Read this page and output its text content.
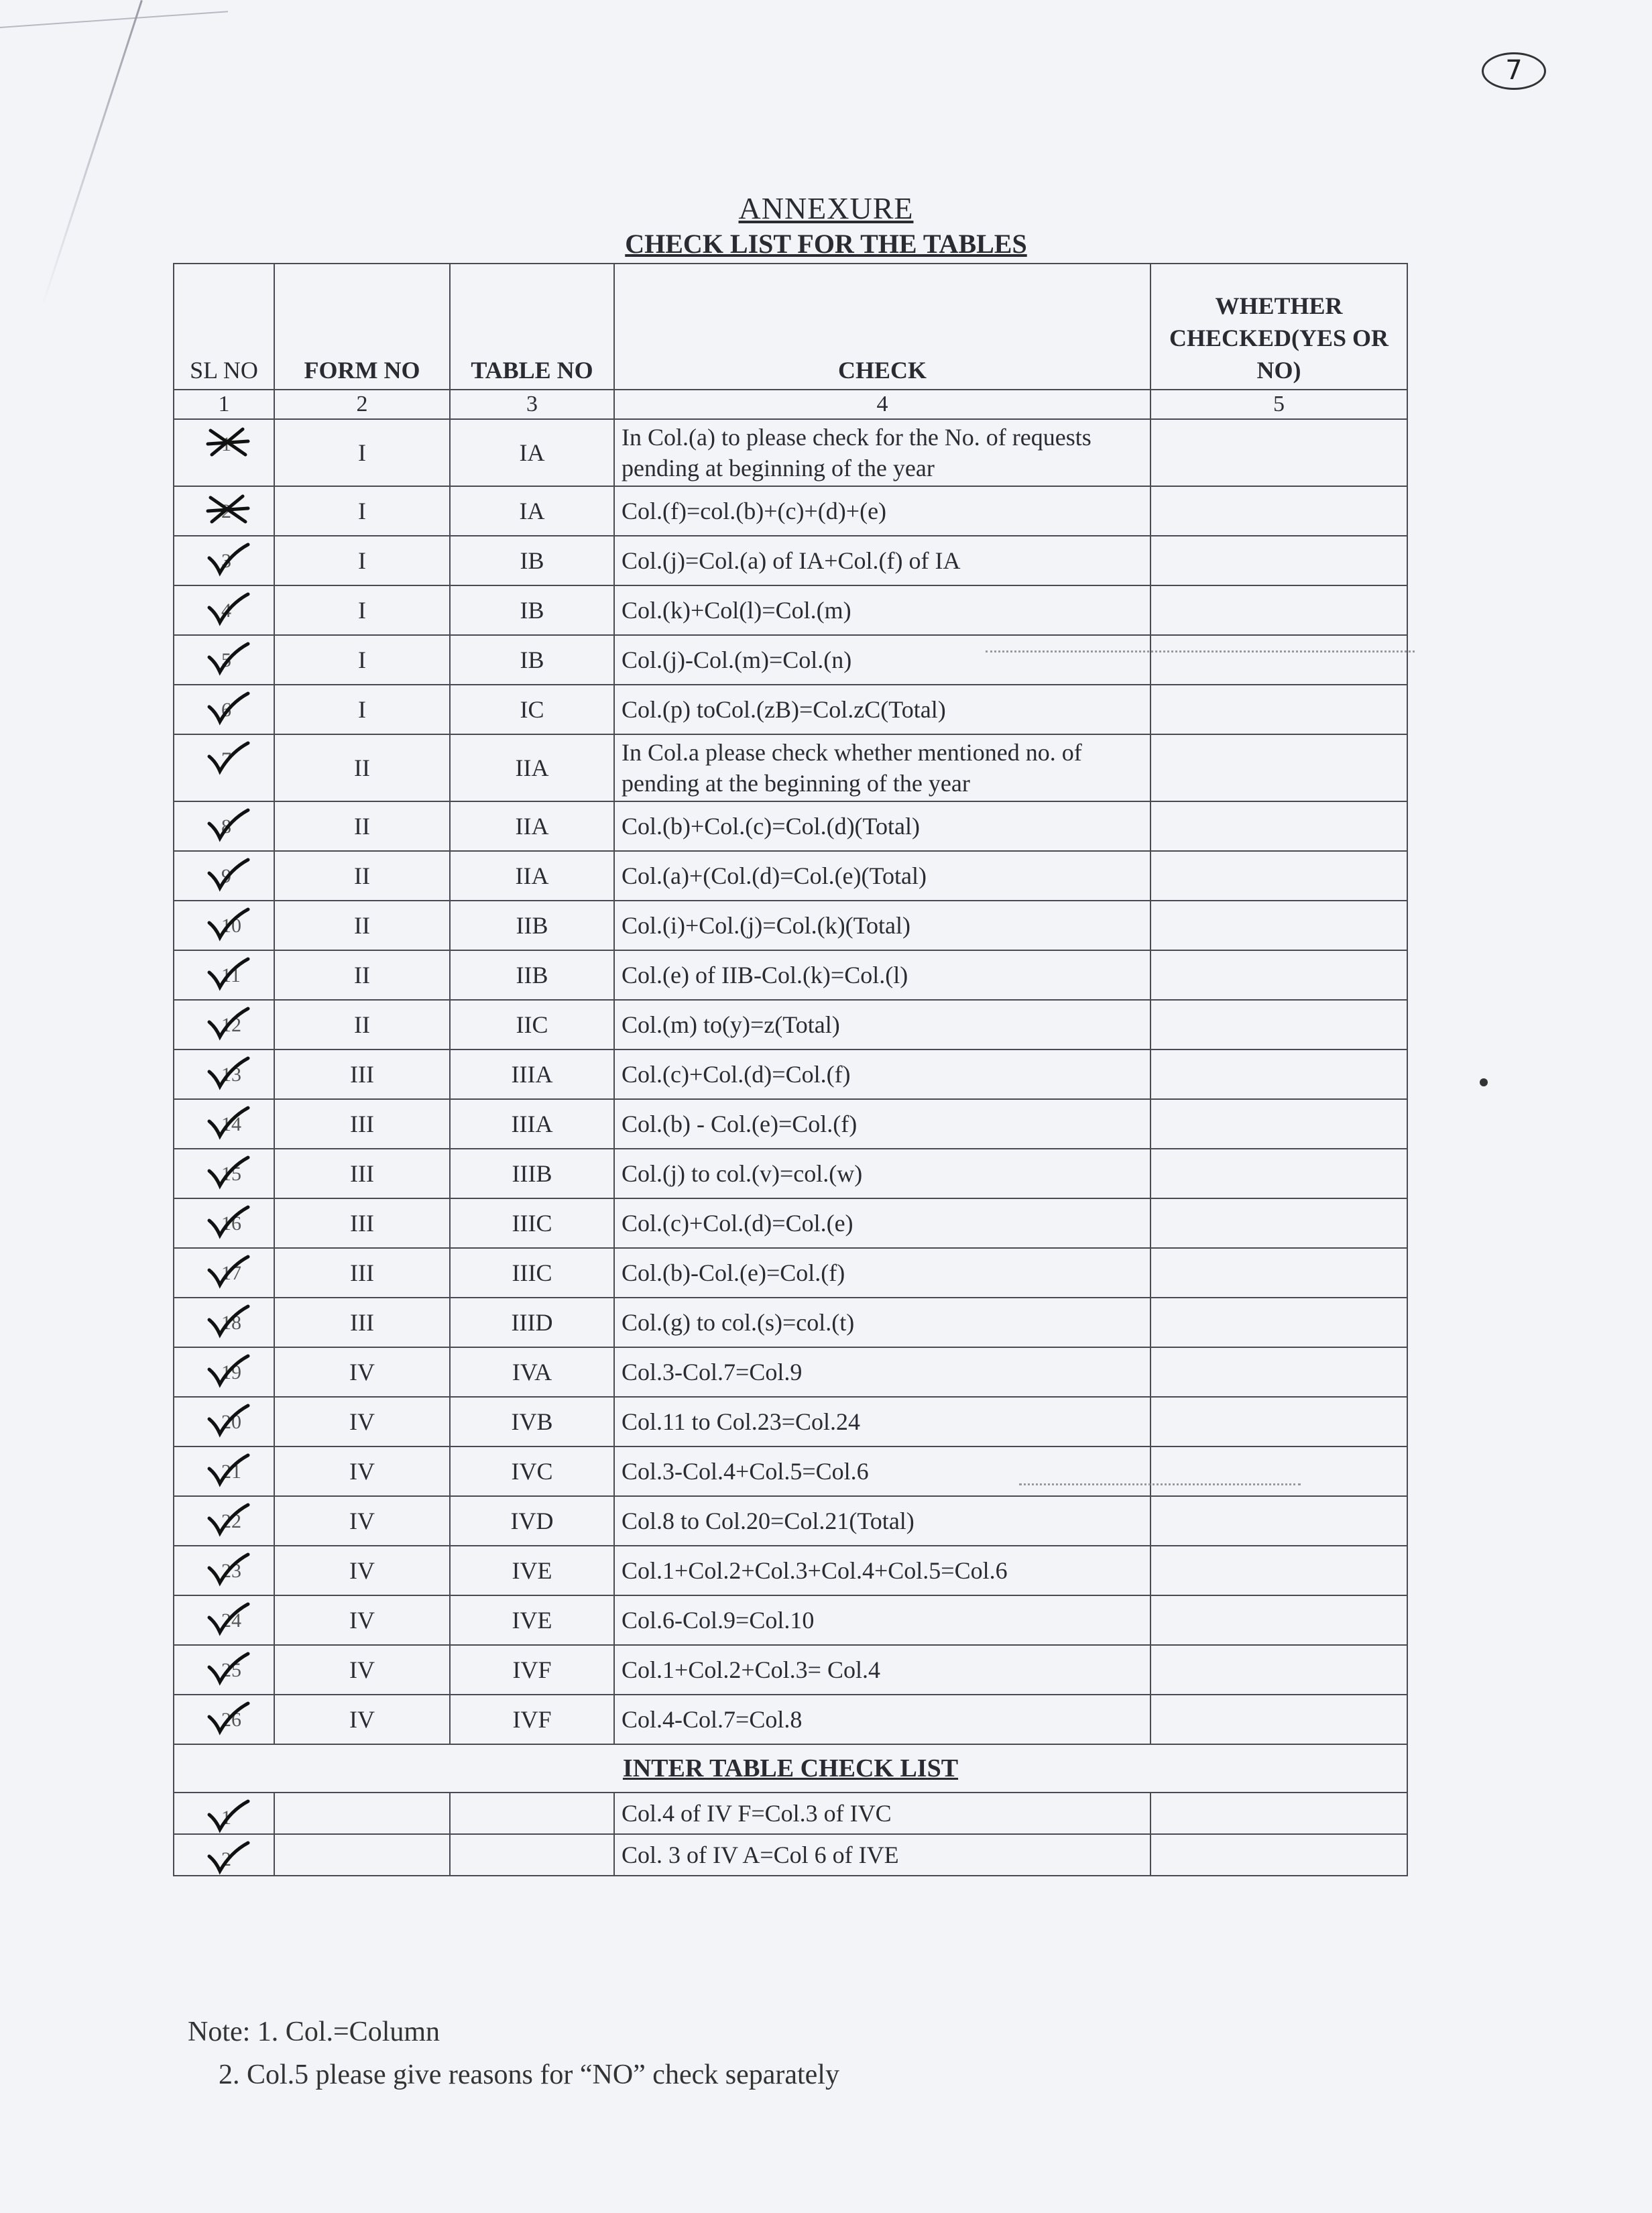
7
ANNEXURE
CHECK LIST FOR THE TABLES
SL NO	FORM NO	TABLE NO	CHECK	WHETHER CHECKED(YES OR NO)
1	2	3	4	5

1	I	IA	In Col.(a) to please check for the No. of requests pending at beginning of the year	

2	I	IA	Col.(f)=col.(b)+(c)+(d)+(e)	

3	I	IB	Col.(j)=Col.(a) of IA+Col.(f) of IA	

4	I	IB	Col.(k)+Col(l)=Col.(m)	

5	I	IB	Col.(j)-Col.(m)=Col.(n)	

6	I	IC	Col.(p) toCol.(zB)=Col.zC(Total)	

7	II	IIA	In Col.a please check whether mentioned no. of pending at the beginning of the year	

8	II	IIA	Col.(b)+Col.(c)=Col.(d)(Total)	

9	II	IIA	Col.(a)+(Col.(d)=Col.(e)(Total)	

10	II	IIB	Col.(i)+Col.(j)=Col.(k)(Total)	

11	II	IIB	Col.(e) of IIB-Col.(k)=Col.(l)	

12	II	IIC	Col.(m) to(y)=z(Total)	

13	III	IIIA	Col.(c)+Col.(d)=Col.(f)	

14	III	IIIA	Col.(b) - Col.(e)=Col.(f)	

15	III	IIIB	Col.(j) to col.(v)=col.(w)	

16	III	IIIC	Col.(c)+Col.(d)=Col.(e)	

17	III	IIIC	Col.(b)-Col.(e)=Col.(f)	

18	III	IIID	Col.(g) to col.(s)=col.(t)	

19	IV	IVA	Col.3-Col.7=Col.9	

20	IV	IVB	Col.11 to Col.23=Col.24	

21	IV	IVC	Col.3-Col.4+Col.5=Col.6	

22	IV	IVD	Col.8 to Col.20=Col.21(Total)	

23	IV	IVE	Col.1+Col.2+Col.3+Col.4+Col.5=Col.6	

24	IV	IVE	Col.6-Col.9=Col.10	

25	IV	IVF	Col.1+Col.2+Col.3= Col.4	

26	IV	IVF	Col.4-Col.7=Col.8	
INTER TABLE CHECK LIST				

1			Col.4 of IV F=Col.3 of IVC	

2			Col. 3 of IV A=Col 6 of IVE	
Note: 1. Col.=Column
2. Col.5 please give reasons for “NO” check separately
